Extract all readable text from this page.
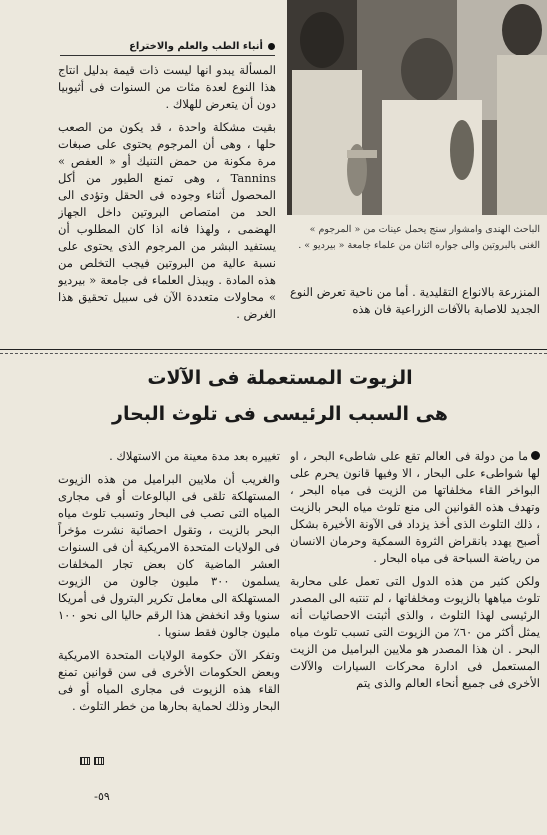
أنباء الطب والعلم والاختراع
الباحث الهندى وامشوار سنج يحمل عينات من « المرجوم » الغنى بالبروتين والى جواره اثنان من علماء جامعة « بيرديو » .
المنزرعة بالانواع التقليدية . أما من ناحية تعرض النوع الجديد للاصابة بالآفات الزراعية فان هذه
المسألة يبدو انها ليست ذات قيمة بدليل انتاج هذا النوع لعدة مئات من السنوات فى أثيوبيا دون أن يتعرض للهلاك .
بقيت مشكلة واحدة ، قد يكون من الصعب حلها ، وهى أن المرجوم يحتوى على صبغات مرة مكونة من حمض التنيك أو « العفص » Tannins ، وهى تمنع الطيور من أكل المحصول أثناء وجوده فى الحقل وتؤدى الى الحد من امتصاص البروتين داخل الجهاز الهضمى ، ولهذا فانه اذا كان المطلوب أن يستفيد البشر من المرجوم الذى يحتوى على نسبة عالية من البروتين فيجب التخلص من هذه المادة . ويبذل العلماء فى جامعة « بيرديو » محاولات متعددة الآن فى سبيل تحقيق هذا الغرض .
الزيوت المستعملة فى الآلات
هى السبب الرئيسى فى تلوث البحار
ما من دولة فى العالم تقع على شاطىء البحر ، او لها شواطىء على البحار ، الا وفيها قانون يحرم على البواخر القاء مخلفاتها من الزيت فى مياه البحر ، وتهدف هذه القوانين الى منع تلوث مياه البحر بالزيت ، ذلك التلوث الذى أخذ يزداد فى الآونة الأخيرة بشكل أصبح يهدد بانقراض الثروة السمكية وحرمان الانسان من رياضة السباحة فى مياه البحار .
ولكن كثير من هذه الدول التى تعمل على محاربة تلوث مياهها بالزيوت ومخلفاتها ، لم تنتبه الى المصدر الرئيسى لهذا التلوث ، والذى أثبتت الاحصائيات أنه يمثل أكثر من ٦٠٪ من الزيوت التى تسبب تلوث مياه البحر . ان هذا المصدر هو ملايين البراميل من الزيت المستعمل فى ادارة محركات السيارات والآلات الأخرى فى جميع أنحاء العالم والذى يتم
تغييره بعد مدة معينة من الاستهلاك .
والغريب أن ملايين البراميل من هذه الزيوت المستهلكة تلقى فى البالوعات أو فى مجارى المياه التى تصب فى البحار وتسبب تلوث مياه البحر بالزيت ، وتقول احصائية نشرت مؤخراً فى الولايات المتحدة الامريكية أن فى السنوات العشر الماضية كان بعض تجار المخلفات يسلمون ٣٠٠ مليون جالون من الزيوت المستهلكة الى معامل تكرير البترول فى أمريكا سنويا وقد انخفض هذا الرقم حاليا الى نحو ١٠٠ مليون جالون فقط سنويا .
وتفكر الآن حكومة الولايات المتحدة الامريكية وبعض الحكومات الأخرى فى سن قوانين تمنع القاء هذه الزيوت فى مجارى المياه أو فى البحار وذلك لحماية بحارها من خطر التلوث .
-٥٩
